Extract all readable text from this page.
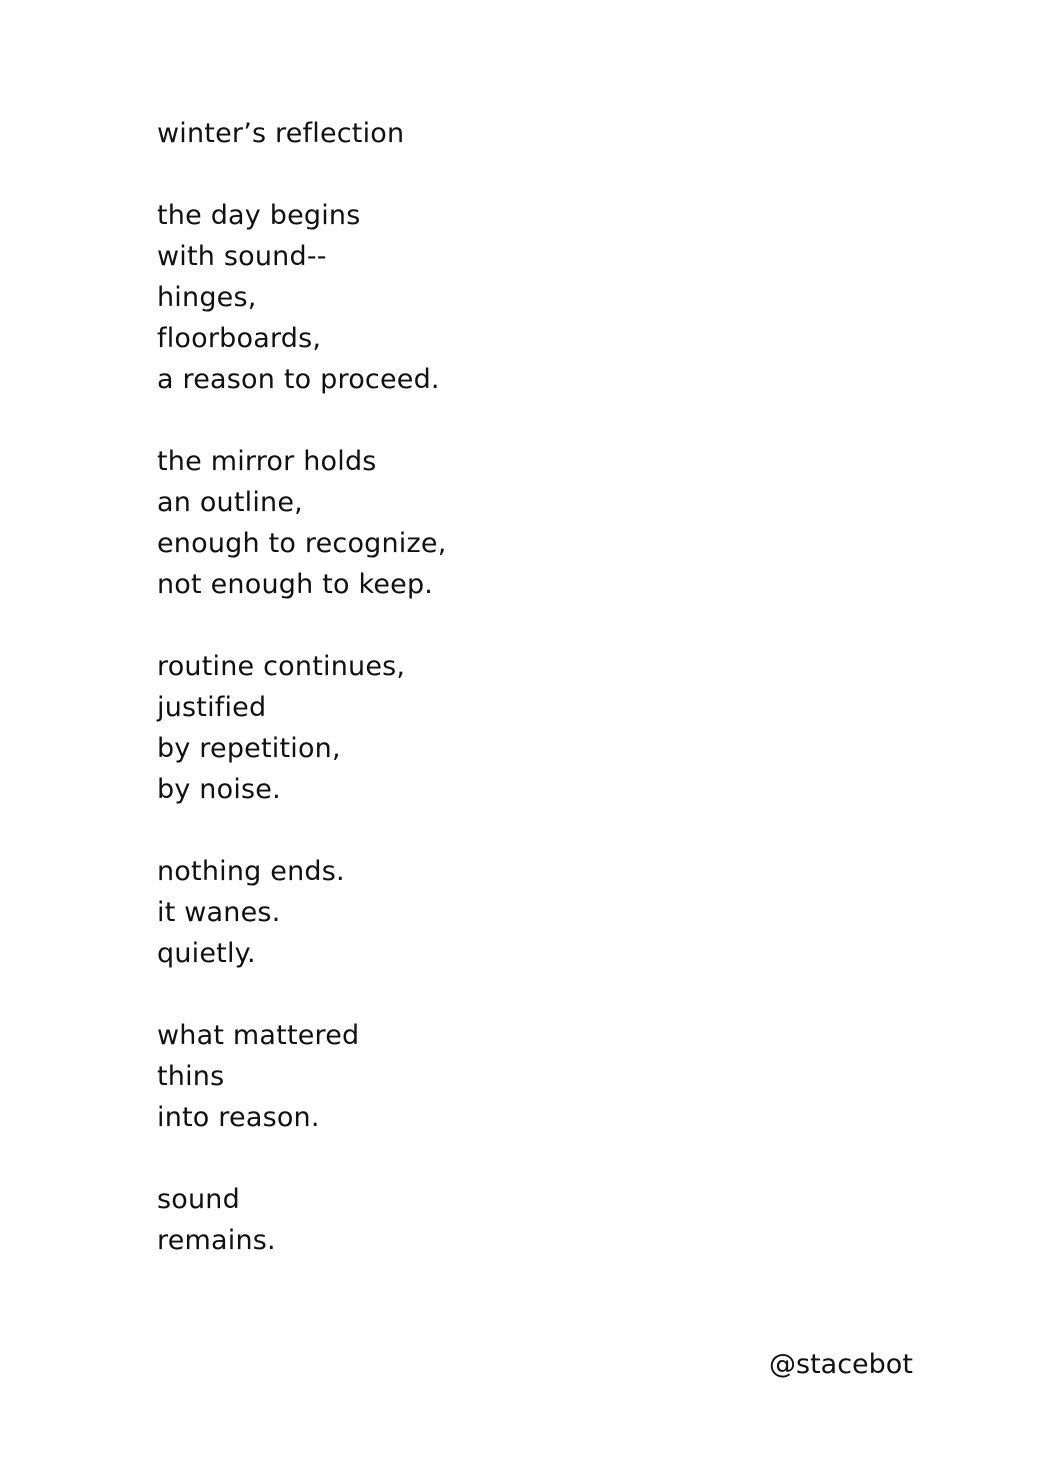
winter’s reflection
the day begins
with sound--
hinges,
floorboards,
a reason to proceed.
the mirror holds
an outline,
enough to recognize,
not enough to keep.
routine continues,
justified
by repetition,
by noise.
nothing ends.
it wanes.
quietly.
what mattered
thins
into reason.
sound
remains.
@stacebot
